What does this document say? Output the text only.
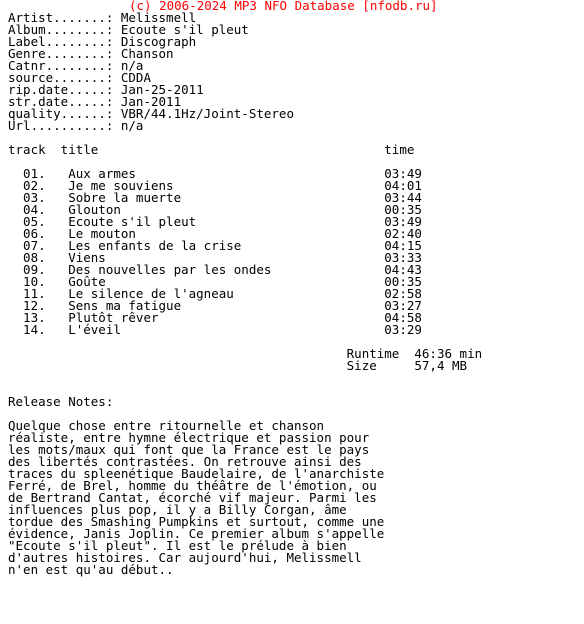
(c) 2006-2024 MP3 NFO Database [nfodb.ru]
Artist.......: Melissmell
Album........: Ecoute s'il pleut
Label........: Discograph
Genre........: Chanson
Catnr........: n/a
source.......: CDDA
rip.date.....: Jan-25-2011
str.date.....: Jan-2011
quality......: VBR/44.1Hz/Joint-Stereo
Url..........: n/a
track  title                                      time
01.   Aux armes                                 03:49
02.   Je me souviens                            04:01
03.   Sobre la muerte                           03:44
04.   Glouton                                   00:35
05.   Ecoute s'il pleut                         03:49
06.   Le mouton                                 02:40
07.   Les enfants de la crise                   04:15
08.   Viens                                     03:33
09.   Des nouvelles par les ondes               04:43
10.   Goûte                                     00:35
11.   Le silence de l'agneau                    02:58
12.   Sens ma fatigue                           03:27
13.   Plutôt rêver                              04:58
14.   L'éveil                                   03:29
Runtime  46:36 min
Size     57,4 MB
Release Notes:
Quelque chose entre ritournelle et chanson
réaliste, entre hymne électrique et passion pour
les mots/maux qui font que la France est le pays
des libertés contrastées. On retrouve ainsi des
traces du spleenétique Baudelaire, de l'anarchiste
Ferré, de Brel, homme du théâtre de l'émotion, ou
de Bertrand Cantat, écorché vif majeur. Parmi les
influences plus pop, il y a Billy Corgan, âme
tordue des Smashing Pumpkins et surtout, comme une
évidence, Janis Joplin. Ce premier album s'appelle
"Ecoute s'il pleut". Il est le prélude à bien
d'autres histoires. Car aujourd'hui, Melissmell
n'en est qu'au début..
